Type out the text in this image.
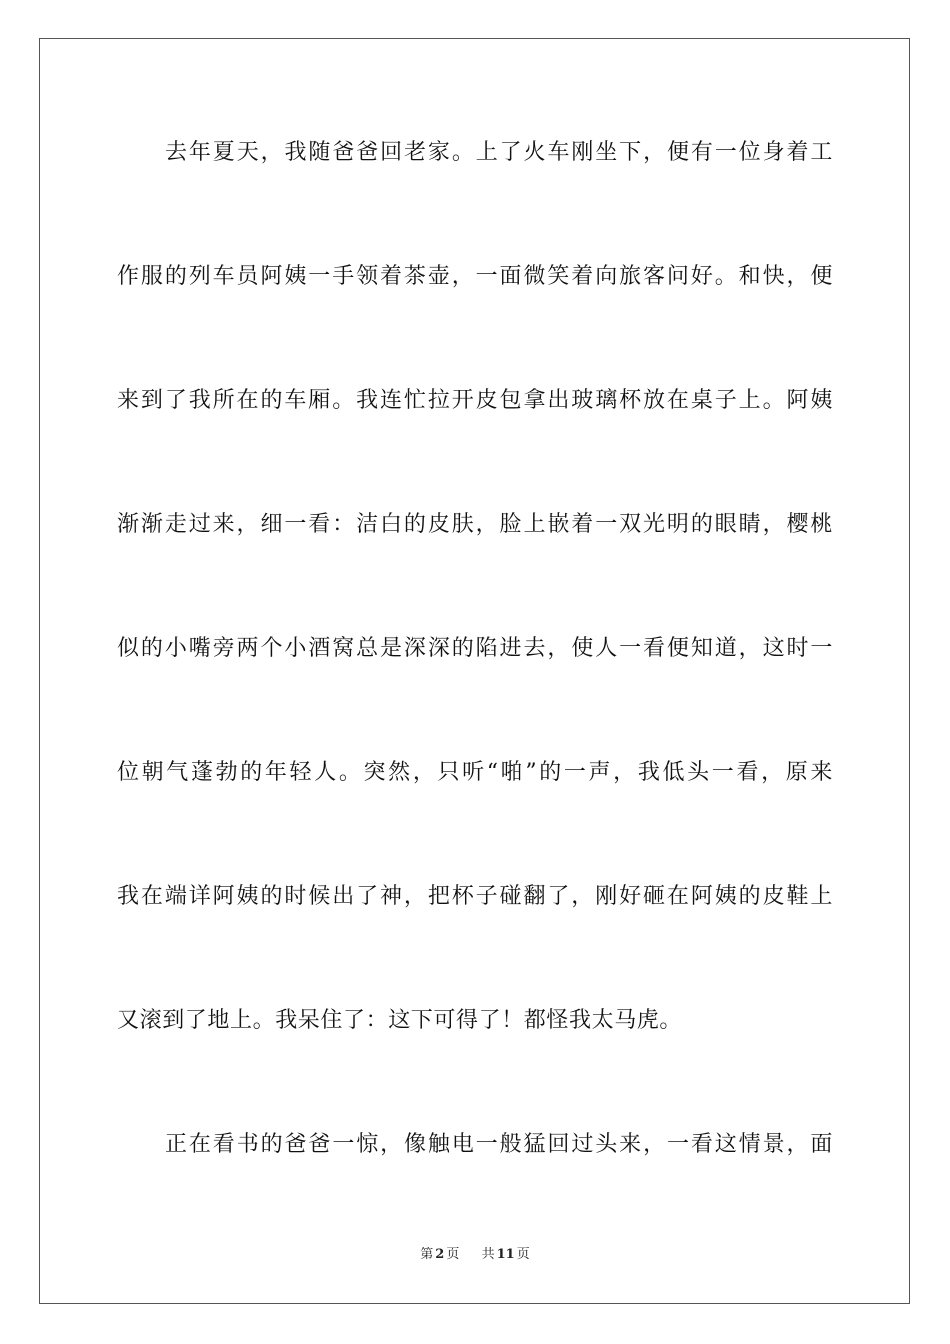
去年夏天，我随爸爸回老家。上了火车刚坐下，便有一位身着工
作服的列车员阿姨一手领着茶壶，一面微笑着向旅客问好。和快，便
来到了我所在的车厢。我连忙拉开皮包拿出玻璃杯放在桌子上。阿姨
渐渐走过来，细一看：洁白的皮肤，脸上嵌着一双光明的眼睛，樱桃
似的小嘴旁两个小酒窝总是深深的陷进去，使人一看便知道，这时一
位朝气蓬勃的年轻人。突然，只听“啪”的一声，我低头一看，原来
我在端详阿姨的时候出了神，把杯子碰翻了，刚好砸在阿姨的皮鞋上
又滚到了地上。我呆住了：这下可得了！都怪我太马虎。
正在看书的爸爸一惊，像触电一般猛回过头来，一看这情景，面
第 2 页 共 11 页
